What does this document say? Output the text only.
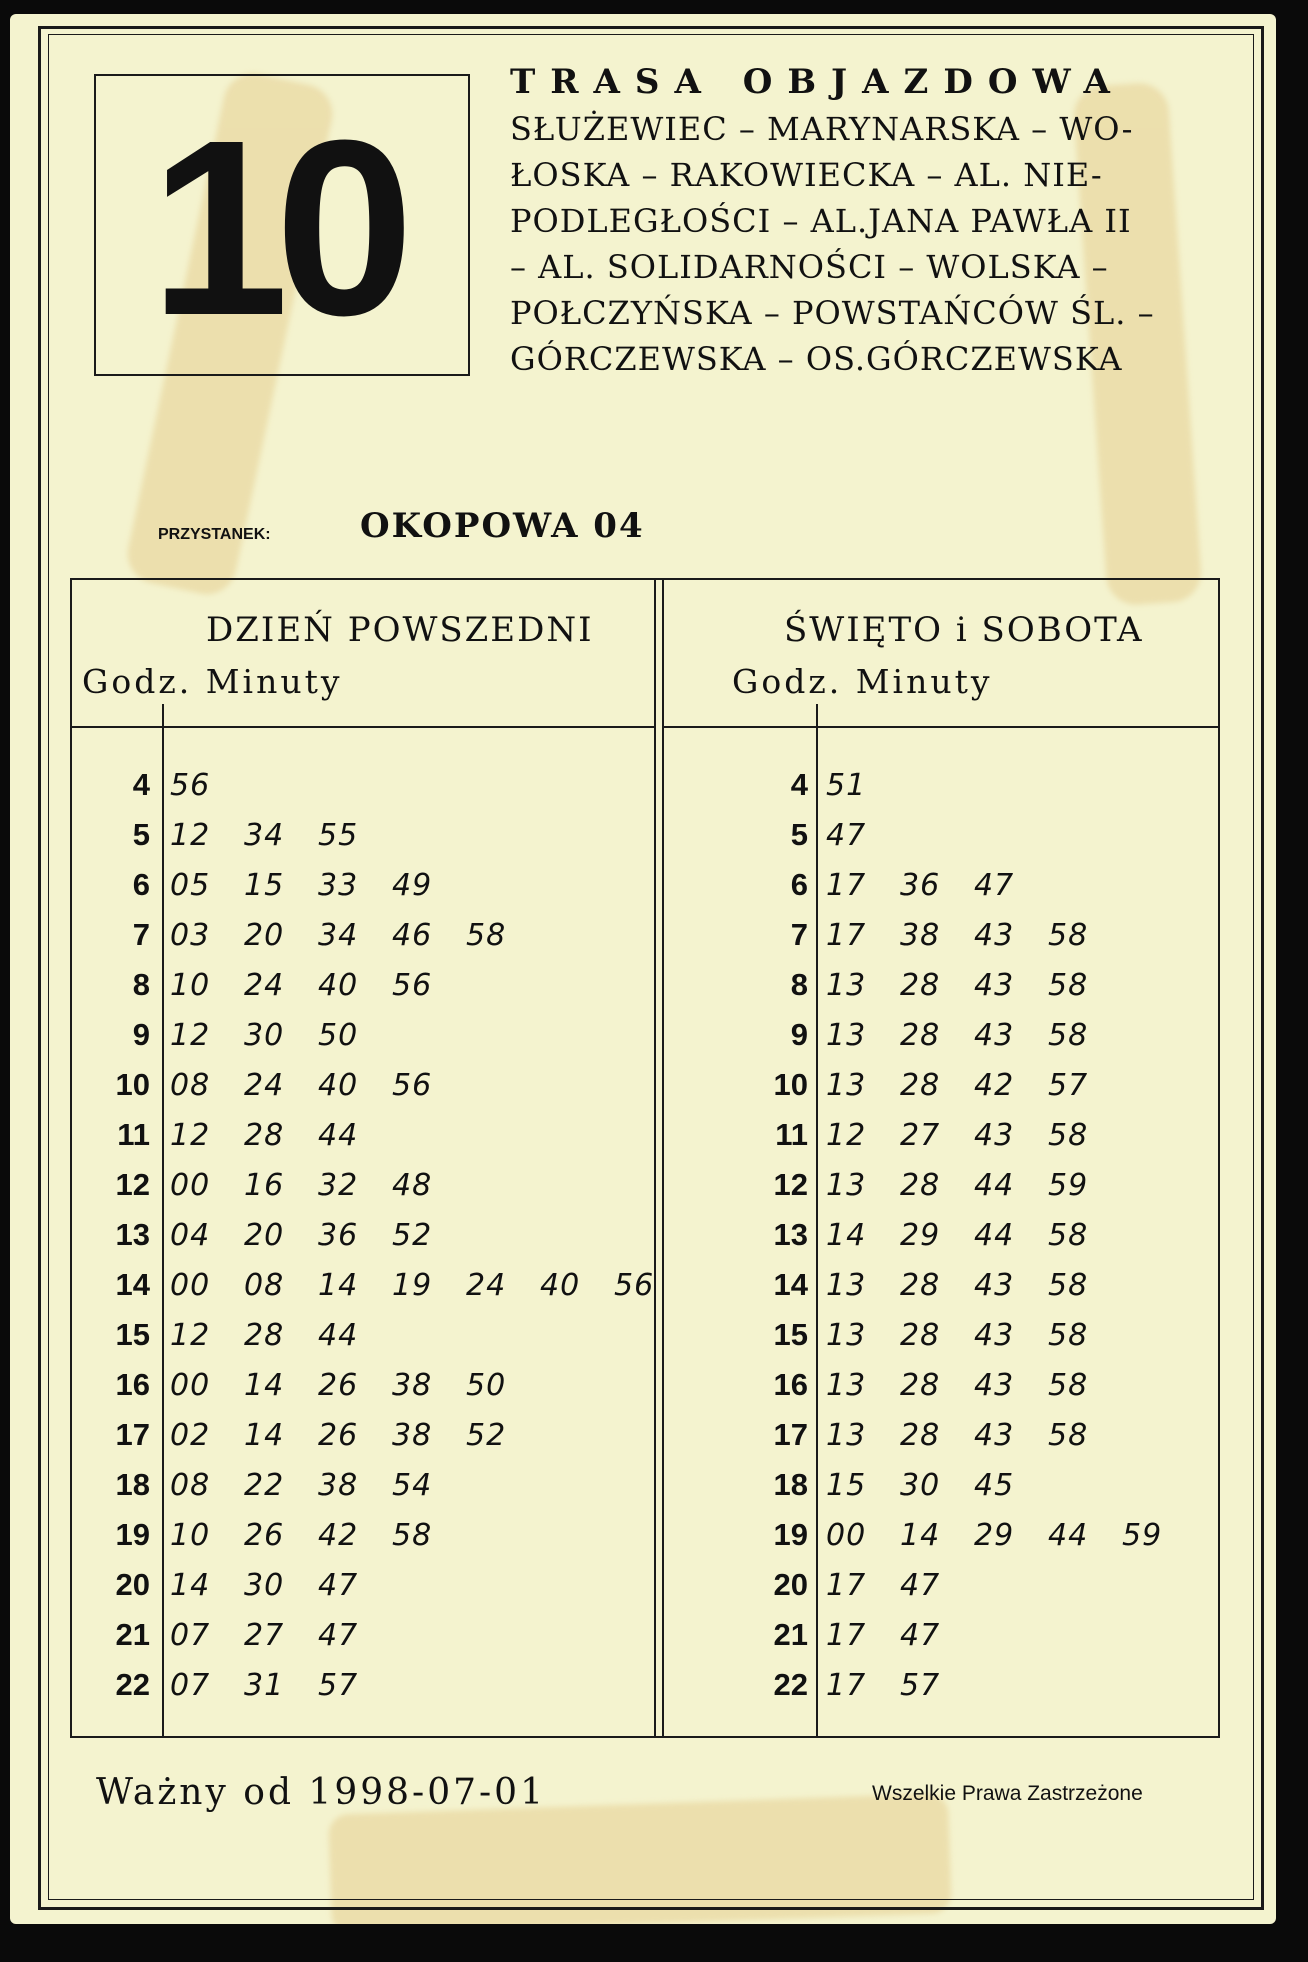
10
TRASA OBJAZDOWA
SŁUŻEWIEC – MARYNARSKA – WO-
ŁOSKA – RAKOWIECKA – AL. NIE-
PODLEGŁOŚCI – AL.JANA PAWŁA II
– AL. SOLIDARNOŚCI – WOLSKA –
POŁCZYŃSKA – POWSTAŃCÓW ŚL. –
GÓRCZEWSKA – OS.GÓRCZEWSKA
PRZYSTANEK:	OKOPOWA 04
DZIEŃ POWSZEDNI
Godz. Minuty
ŚWIĘTO i SOBOTA
Godz. Minuty
4 56
5 12	34	55
6 05	15	33	49
7 03	20	34	46	58
8 10	24	40	56
9 12	30	50
10 08	24	40	56
11 12	28	44
12 00	16	32	48
13 04	20	36	52
14 00	08	14	19	24	40	56
15 12	28	44
16 00	14	26	38	50
17 02	14	26	38	52
18 08	22	38	54
19 10	26	42	58
20 14	30	47
21 07	27	47
22 07	31	57
4 51
5 47
6 17	36	47
7 17	38	43	58
8 13	28	43	58
9 13	28	43	58
10 13	28	42	57
11 12	27	43	58
12 13	28	44	59
13 14	29	44	58
14 13	28	43	58
15 13	28	43	58
16 13	28	43	58
17 13	28	43	58
18 15	30	45
19 00	14	29	44	59
20 17	47
21 17	47
22 17	57
Ważny od 1998-07-01	Wszelkie Prawa Zastrzeżone
